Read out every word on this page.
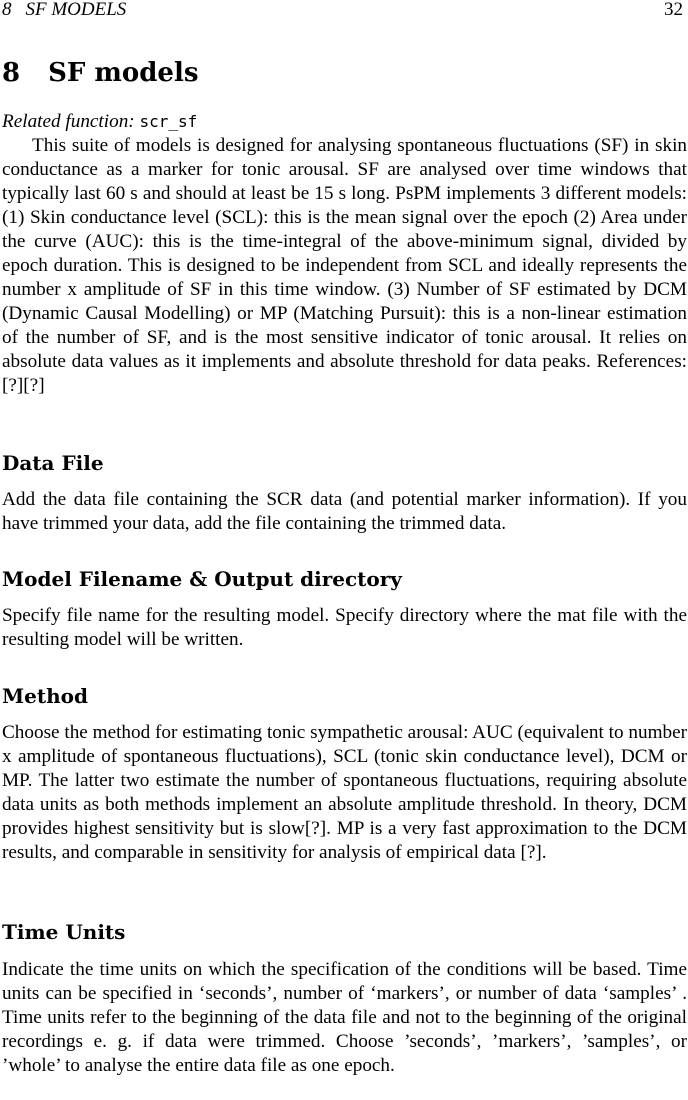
8 SF MODELS	32
8 SF models

Related function: scr_sf

This suite of models is designed for analysing spontaneous fluctuations (SF) in skin conductance as a marker for tonic arousal. SF are analysed over time windows that typically last 60 s and should at least be 15 s long. PsPM implements 3 different models: (1) Skin conductance level (SCL): this is the mean signal over the epoch (2) Area under the curve (AUC): this is the time-integral of the above-minimum signal, divided by epoch duration. This is designed to be independent from SCL and ideally represents the number x amplitude of SF in this time window. (3) Number of SF estimated by DCM (Dynamic Causal Modelling) or MP (Matching Pursuit): this is a non-linear estimation of the number of SF, and is the most sensitive indicator of tonic arousal. It relies on absolute data values as it implements and absolute threshold for data peaks. References: [?][?]

Data File

Add the data file containing the SCR data (and potential marker information). If you have trimmed your data, add the file containing the trimmed data.

Model Filename & Output directory

Specify file name for the resulting model. Specify directory where the mat file with the resulting model will be written.

Method

Choose the method for estimating tonic sympathetic arousal: AUC (equivalent to number x amplitude of spontaneous fluctuations), SCL (tonic skin conductance level), DCM or MP. The latter two estimate the number of spontaneous fluctuations, requiring absolute data units as both methods implement an absolute amplitude threshold. In theory, DCM provides highest sensitivity but is slow[?]. MP is a very fast approximation to the DCM results, and comparable in sensitivity for analysis of empirical data [?].

Time Units

Indicate the time units on which the specification of the conditions will be based. Time units can be specified in ‘seconds’, number of ‘markers’, or number of data ‘samples’ . Time units refer to the beginning of the data file and not to the beginning of the original recordings e. g. if data were trimmed. Choose ’seconds’, ’markers’, ’samples’, or ’whole’ to analyse the entire data file as one epoch.
